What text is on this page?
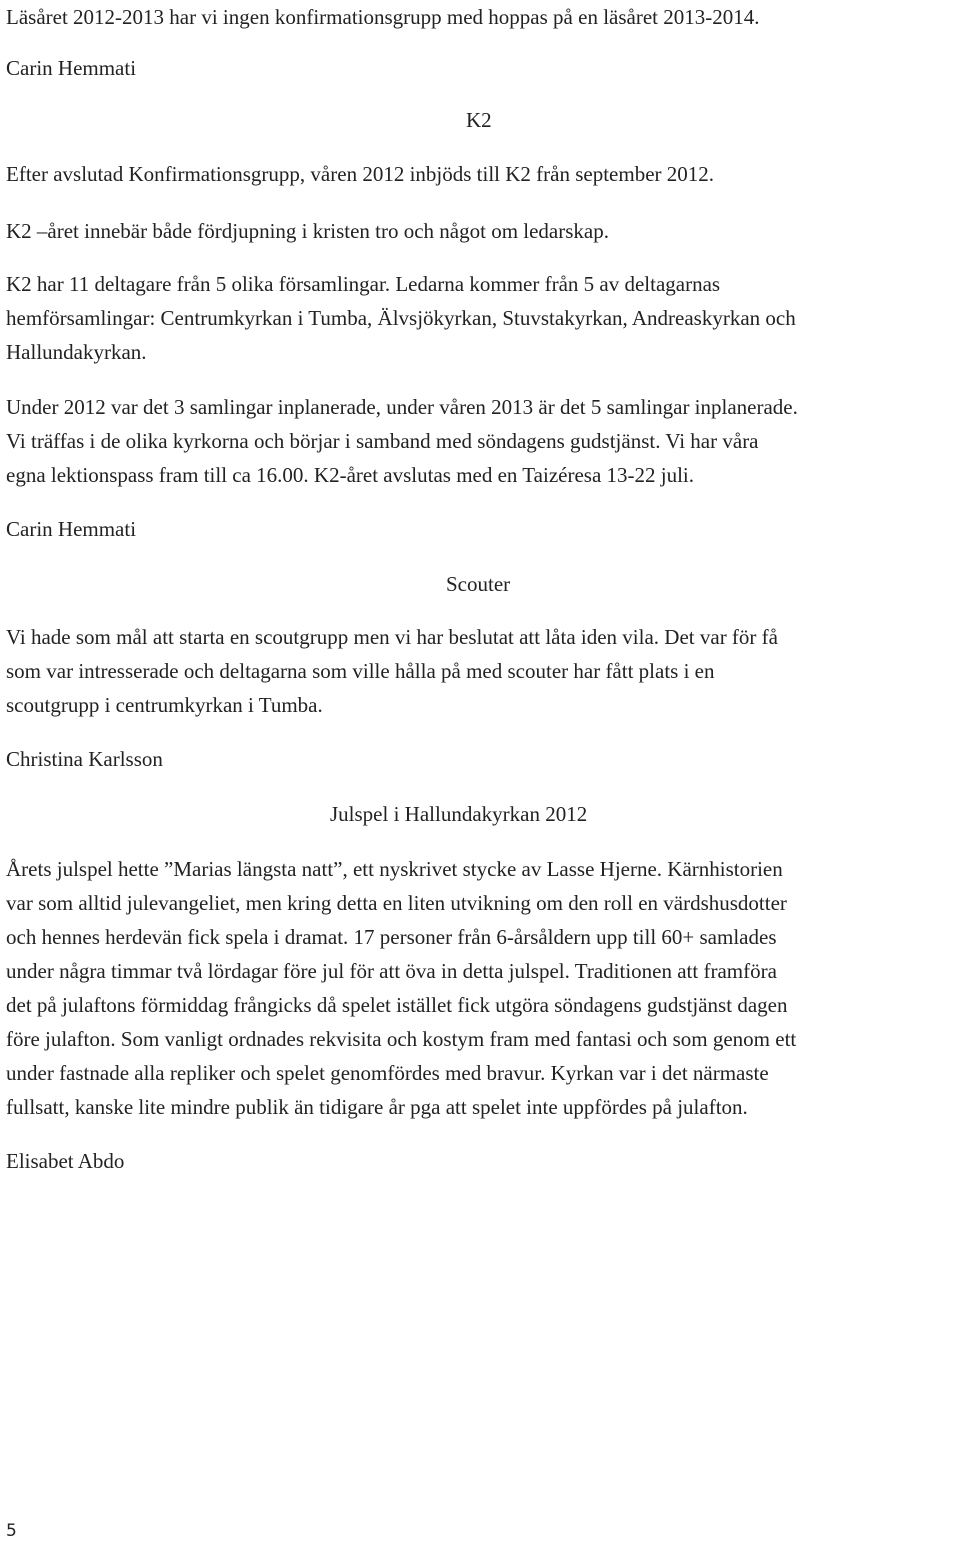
Läsåret 2012-2013 har vi ingen konfirmationsgrupp med hoppas på en läsåret 2013-2014.

Carin Hemmati

K2

Efter avslutad Konfirmationsgrupp, våren 2012 inbjöds till K2 från september 2012.

K2 –året innebär både fördjupning i kristen tro och något om ledarskap.

K2 har 11 deltagare från 5 olika församlingar. Ledarna kommer från 5 av deltagarnas

hemförsamlingar: Centrumkyrkan i Tumba, Älvsjökyrkan, Stuvstakyrkan, Andreaskyrkan och

Hallundakyrkan.

Under 2012 var det 3 samlingar inplanerade, under våren 2013 är det 5 samlingar inplanerade.

Vi träffas i de olika kyrkorna och börjar i samband med söndagens gudstjänst. Vi har våra

egna lektionspass fram till ca 16.00. K2-året avslutas med en Taizéresa 13-22 juli.

Carin Hemmati

Scouter

Vi hade som mål att starta en scoutgrupp men vi har beslutat att låta iden vila. Det var för få

som var intresserade och deltagarna som ville hålla på med scouter har fått plats i en

scoutgrupp i centrumkyrkan i Tumba.

Christina Karlsson

Julspel i Hallundakyrkan 2012

Årets julspel hette ”Marias längsta natt”, ett nyskrivet stycke av Lasse Hjerne. Kärnhistorien

var som alltid julevangeliet, men kring detta en liten utvikning om den roll en värdshusdotter

och hennes herdevän fick spela i dramat. 17 personer från 6-årsåldern upp till 60+ samlades

under några timmar två lördagar före jul för att öva in detta julspel. Traditionen att framföra

det på julaftons förmiddag frångicks då spelet istället fick utgöra söndagens gudstjänst dagen

före julafton. Som vanligt ordnades rekvisita och kostym fram med fantasi och som genom ett

under fastnade alla repliker och spelet genomfördes med bravur. Kyrkan var i det närmaste

fullsatt, kanske lite mindre publik än tidigare år pga att spelet inte uppfördes på julafton.

Elisabet Abdo

5
